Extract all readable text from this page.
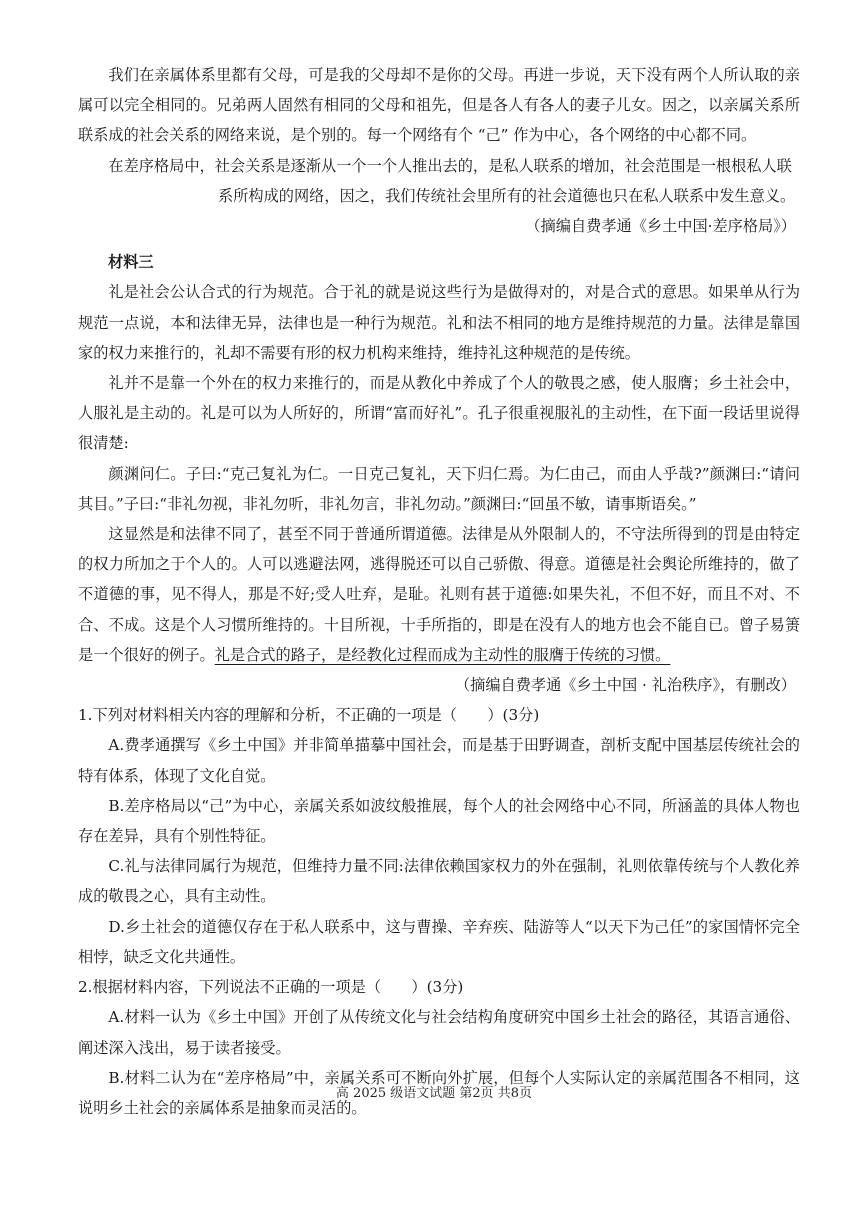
我们在亲属体系里都有父母，可是我的父母却不是你的父母。再进一步说，天下没有两个人所认取的亲属可以完全相同的。兄弟两人固然有相同的父母和祖先，但是各人有各人的妻子儿女。因之，以亲属关系所联系成的社会关系的网络来说，是个别的。每一个网络有个 “己” 作为中心，各个网络的中心都不同。

在差序格局中，社会关系是逐渐从一个一个人推出去的，是私人联系的增加，社会范围是一根根私人联

系所构成的网络，因之，我们传统社会里所有的社会道德也只在私人联系中发生意义。

（摘编自费孝通《乡土中国·差序格局》）

材料三

礼是社会公认合式的行为规范。合于礼的就是说这些行为是做得对的，对是合式的意思。如果单从行为规范一点说，本和法律无异，法律也是一种行为规范。礼和法不相同的地方是维持规范的力量。法律是靠国家的权力来推行的，礼却不需要有形的权力机构来维持，维持礼这种规范的是传统。

礼并不是靠一个外在的权力来推行的，而是从教化中养成了个人的敬畏之感，使人服膺；乡土社会中，人服礼是主动的。礼是可以为人所好的，所谓“富而好礼”。孔子很重视服礼的主动性，在下面一段话里说得很清楚:

颜渊问仁。子曰:“克己复礼为仁。一日克己复礼，天下归仁焉。为仁由己，而由人乎哉?”颜渊曰:“请问其目。”子曰:“非礼勿视，非礼勿听，非礼勿言，非礼勿动。”颜渊曰:“回虽不敏，请事斯语矣。”

这显然是和法律不同了，甚至不同于普通所谓道德。法律是从外限制人的，不守法所得到的罚是由特定的权力所加之于个人的。人可以逃避法网，逃得脱还可以自己骄傲、得意。道德是社会舆论所维持的，做了不道德的事，见不得人，那是不好;受人吐弃，是耻。礼则有甚于道德:如果失礼，不但不好，而且不对、不合、不成。这是个人习惯所维持的。十目所视，十手所指的，即是在没有人的地方也会不能自已。曾子易箦是一个很好的例子。礼是合式的路子，是经教化过程而成为主动性的服膺于传统的习惯。

（摘编自费孝通《乡土中国 · 礼治秩序》，有删改）

1.下列对材料相关内容的理解和分析，不正确的一项是（　　）(3分)

A.费孝通撰写《乡土中国》并非简单描摹中国社会，而是基于田野调查，剖析支配中国基层传统社会的特有体系，体现了文化自觉。

B.差序格局以“己”为中心，亲属关系如波纹般推展，每个人的社会网络中心不同，所涵盖的具体人物也存在差异，具有个别性特征。

C.礼与法律同属行为规范，但维持力量不同:法律依赖国家权力的外在强制，礼则依靠传统与个人教化养成的敬畏之心，具有主动性。

D.乡土社会的道德仅存在于私人联系中，这与曹操、辛弃疾、陆游等人“以天下为己任”的家国情怀完全相悖，缺乏文化共通性。

2.根据材料内容，下列说法不正确的一项是（　　）(3分)

A.材料一认为《乡土中国》开创了从传统文化与社会结构角度研究中国乡土社会的路径，其语言通俗、阐述深入浅出，易于读者接受。

B.材料二认为在“差序格局”中，亲属关系可不断向外扩展，但每个人实际认定的亲属范围各不相同，这说明乡土社会的亲属体系是抽象而灵活的。

高 2025 级语文试题 第2页 共8页
